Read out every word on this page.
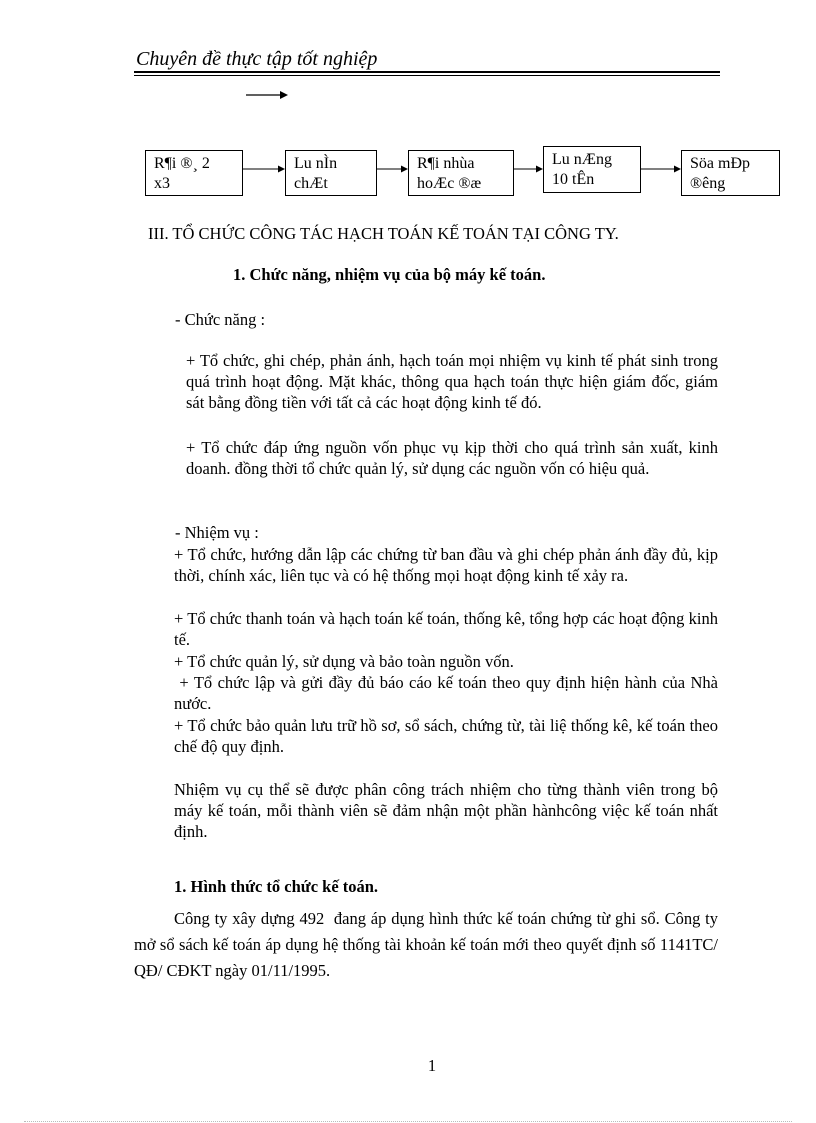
Chuyên đề thực tập tốt nghiệp
R¶i ®¸ 2
x3
Lu nÌn
chÆt
R¶i nhùa
hoÆc ®æ
Lu nÆng
10 tÊn
Söa mÐp
®êng
III. TỔ CHỨC CÔNG TÁC HẠCH TOÁN KẾ TOÁN TẠI CÔNG TY.
1. Chức năng, nhiệm vụ của bộ máy kế toán.
- Chức năng :
+ Tổ chức, ghi chép, phản ánh, hạch toán mọi nhiệm vụ kinh tế phát sinh trong quá trình hoạt động. Mặt khác, thông qua hạch toán thực hiện giám đốc, giám sát bằng đồng tiền với tất cả các hoạt động kinh tế đó.
+ Tổ chức đáp ứng nguồn vốn phục vụ kịp thời cho quá trình sản xuất, kinh doanh. đồng thời tổ chức quản lý, sử dụng các nguồn vốn có hiệu quả.
- Nhiệm vụ :
+ Tổ chức, hướng dẫn lập các chứng từ ban đầu và ghi chép phản ánh đầy đủ, kịp thời, chính xác, liên tục và có hệ thống mọi hoạt động kinh tế xảy ra.
+ Tổ chức thanh toán và hạch toán kế toán, thống kê, tổng hợp các hoạt động kinh tế.
+ Tổ chức quản lý, sử dụng và bảo toàn nguồn vốn.
+ Tổ chức lập và gửi đầy đủ báo cáo kế toán theo quy định hiện hành của Nhà nước.
+ Tổ chức bảo quản lưu trữ hồ sơ, sổ sách, chứng từ, tài liệ thống kê, kế toán theo chế độ quy định.
Nhiệm vụ cụ thể sẽ được phân công trách nhiệm cho từng thành viên trong bộ máy kế toán, mỗi thành viên sẽ đảm nhận một phần hànhcông việc kế toán nhất định.
1. Hình thức tổ chức kế toán.
Công ty xây dựng 492  đang áp dụng hình thức kế toán chứng từ ghi sổ. Công ty mở sổ sách kế toán áp dụng hệ thống tài khoản kế toán mới theo quyết định số 1141TC/ QĐ/ CĐKT ngày 01/11/1995.
1
